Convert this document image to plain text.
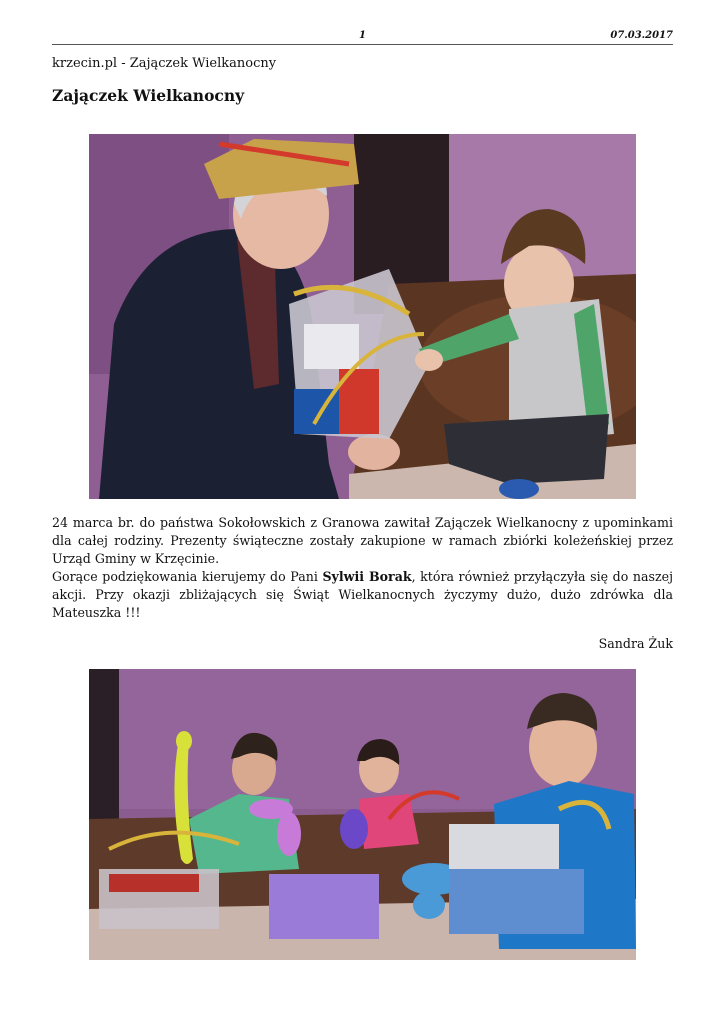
1	07.03.2017
krzecin.pl - Zajączek Wielkanocny
Zajączek Wielkanocny

24 marca br. do państwa Sokołowskich z Granowa zawitał Zajączek Wielkanocny z upominkami dla całej rodziny. Prezenty świąteczne zostały zakupione w ramach zbiórki koleżeńskiej przez Urząd Gminy w Krzęcinie.

Gorące podziękowania kierujemy do Pani Sylwii Borak, która również przyłączyła się do naszej akcji. Przy okazji zbliżających się Świąt Wielkanocnych życzymy dużo, dużo zdrówka dla Mateuszka !!!

Sandra Żuk
